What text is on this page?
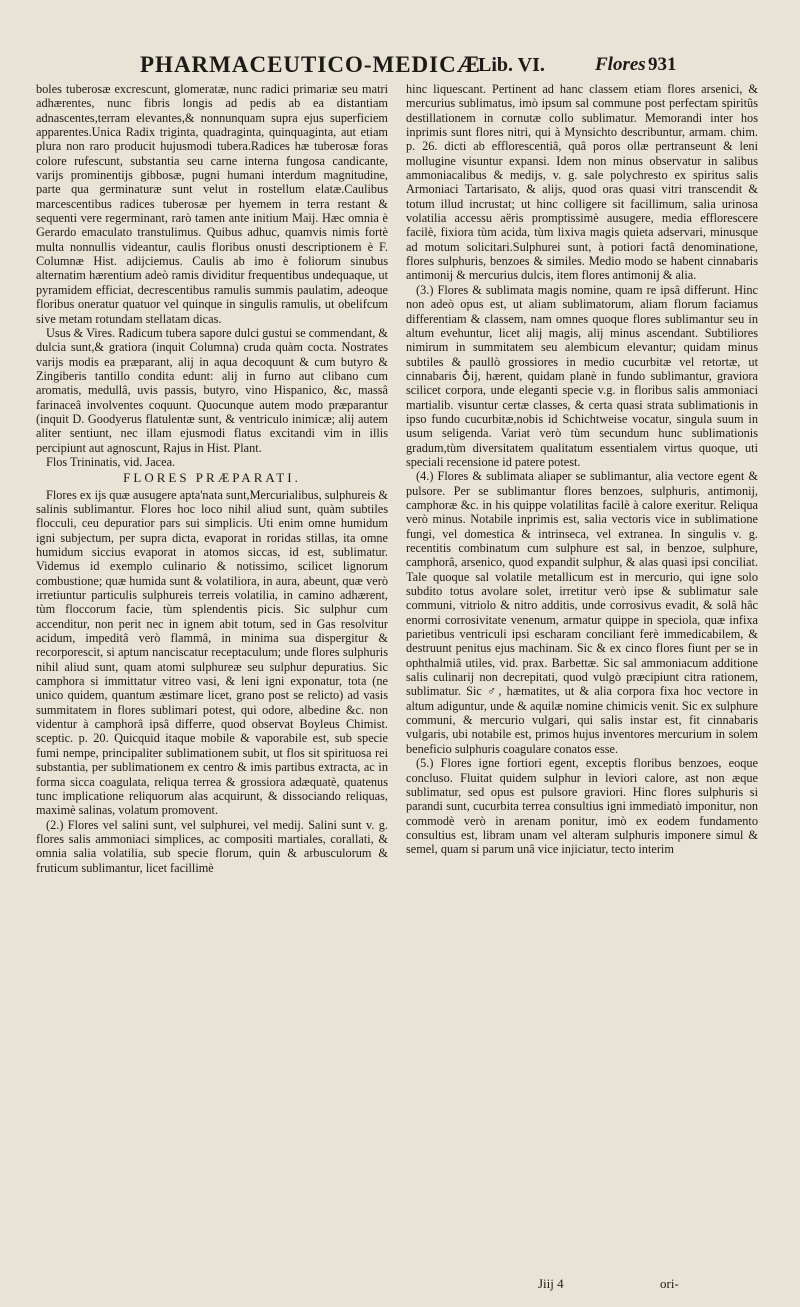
PHARMACEUTICO-MEDICÆ
Lib. VI.	Flores 931

boles tuberosæ excrescunt, glomeratæ, nunc radici primariæ seu matri adhærentes, nunc fibris longis ad pedis ab ea distantiam adnascentes,terram elevantes,& nonnunquam supra ejus superficiem apparentes.Unica Radix triginta, quadraginta, quinquaginta, aut etiam plura non raro producit hujusmodi tubera.Radices hæ tuberosæ foras colore rufescunt, substantia seu carne interna fungosa candicante, varijs prominentijs gibbosæ, pugni humani interdum magnitudine, parte qua germinaturæ sunt velut in rostellum elatæ.Caulibus marcescentibus radices tuberosæ per hyemem in terra restant & sequenti vere regerminant, rarò tamen ante initium Maij. Hæc omnia è Gerardo emaculato transtulimus. Quibus adhuc, quamvis nimis fortè multa nonnullis videantur, caulis floribus onusti descriptionem è F. Columnæ Hist. adijciemus. Caulis ab imo è foliorum sinubus alternatim hærentium adeò ramis dividitur frequentibus undequaque, ut pyramidem efficiat, decrescentibus ramulis summis paulatim, adeoque floribus oneratur quatuor vel quinque in singulis ramulis, ut obelifcum sive metam rotundam stellatam dicas.

Usus & Vires. Radicum tubera sapore dulci gustui se commendant, & dulcia sunt,& gratiora (inquit Columna) cruda quàm cocta. Nostrates varijs modis ea præparant, alij in aqua decoquunt & cum butyro & Zingiberis tantillo condita edunt: alij in furno aut clibano cum aromatis, medullâ, uvis passis, butyro, vino Hispanico, &c, massâ farinaceâ involventes coquunt. Quocunque autem modo præparantur (inquit D. Goodyerus flatulentæ sunt, & ventriculo inimicæ; alij autem aliter sentiunt, nec illam ejusmodi flatus excitandi vim in illis percipiunt aut agnoscunt, Rajus in Hist. Plant.

Flos Trininatis, vid. Jacea.

FLORES PRÆPARATI.

Flores ex ijs quæ ausugere apta'nata sunt,Mercurialibus, sulphureis & salinis sublimantur. Flores hoc loco nihil aliud sunt, quàm subtiles flocculi, ceu depuratior pars sui simplicis. Uti enim omne humidum igni subjectum, per supra dicta, evaporat in roridas stillas, ita omne humidum siccius evaporat in atomos siccas, id est, sublimatur. Videmus id exemplo culinario & notissimo, scilicet lignorum combustione; quæ humida sunt & volatiliora, in aura, abeunt, quæ verò irretiuntur particulis sulphureis terreis volatilia, in camino adhærent, tùm floccorum facie, tùm splendentis picis. Sic sulphur cum accenditur, non perit nec in ignem abit totum, sed in Gas resolvitur acidum, impeditâ verò flammâ, in minima sua dispergitur & recorporescit, si aptum nanciscatur receptaculum; unde flores sulphuris nihil aliud sunt, quam atomi sulphureæ seu sulphur depuratius. Sic camphora si immittatur vitreo vasi, & leni igni exponatur, tota (ne unico quidem, quantum æstimare licet, grano post se relicto) ad vasis summitatem in flores sublimari potest, qui odore, albedine &c. non videntur à camphorâ ipsâ differre, quod observat Boyleus Chimist. sceptic. p. 20. Quicquid itaque mobile & vaporabile est, sub specie fumi nempe, principaliter sublimationem subit, ut flos sit spirituosa rei substantia, per sublimationem ex centro & imis partibus extracta, ac in forma sicca coagulata, reliqua terrea & grossiora adæquatè, quatenus tunc implicatione reliquorum alas acquirunt, & dissociando reliquas, maximè salinas, volatum promovent.

(2.) Flores vel salini sunt, vel sulphurei, vel medij. Salini sunt v. g. flores salis ammoniaci simplices, ac compositi martiales, corallati, & omnia salia volatilia, sub specie florum, quin & arbusculorum & fruticum sublimantur, licet facillimè

hinc liquescant. Pertinent ad hanc classem etiam flores arsenici, & mercurius sublimatus, imò ipsum sal commune post perfectam spiritûs destillationem in cornutæ collo sublimatur. Memorandi inter hos inprimis sunt flores nitri, qui à Mynsichto describuntur, armam. chim. p. 26. dicti ab efflorescentiâ, quâ poros ollæ pertranseunt & leni mollugine visuntur expansi. Idem non minus observatur in salibus ammoniacalibus & medijs, v. g. sale polychresto ex spiritus salis Armoniaci Tartarisato, & alijs, quod oras quasi vitri transcendit & totum illud incrustat; ut hinc colligere sit facillimum, salia urinosa volatilia accessu aëris promptissimè ausugere, media efflorescere facilè, fixiora tùm acida, tùm lixiva magis quieta adservari, minusque ad motum solicitari.Sulphurei sunt, à potiori factâ denominatione, flores sulphuris, benzoes & similes. Medio modo se habent cinnabaris antimonij & mercurius dulcis, item flores antimonij & alia.

(3.) Flores & sublimata magis nomine, quam re ipsâ differunt. Hinc non adeò opus est, ut aliam sublimatorum, aliam florum faciamus differentiam & classem, nam omnes quoque flores sublimantur seu in altum evehuntur, licet alij magis, alij minus ascendant. Subtiliores nimirum in summitatem seu alembicum elevantur; quidam minus subtiles & paullò grossiores in medio cucurbitæ vel retortæ, ut cinnabaris ♁ij, hærent, quidam planè in fundo sublimantur, graviora scilicet corpora, unde eleganti specie v.g. in floribus salis ammoniaci martialib. visuntur certæ classes, & certa quasi strata sublimationis in ipso fundo cucurbitæ,nobis id Schichtweise vocatur, singula suum in usum seligenda. Variat verò tùm secundum hunc sublimationis gradum,tùm diversitatem qualitatum essentialem virtus quoque, uti speciali recensione id patere potest.

(4.) Flores & sublimata aliaper se sublimantur, alia vectore egent & pulsore. Per se sublimantur flores benzoes, sulphuris, antimonij, camphoræ &c. in his quippe volatilitas facilè à calore exeritur. Reliqua verò minus. Notabile inprimis est, salia vectoris vice in sublimatione fungi, vel domestica & intrinseca, vel extranea. In singulis v. g. recentitis combinatum cum sulphure est sal, in benzoe, sulphure, camphorâ, arsenico, quod expandit sulphur, & alas quasi ipsi conciliat. Tale quoque sal volatile metallicum est in mercurio, qui igne solo subdito totus avolare solet, irretitur verò ipse & sublimatur sale communi, vitriolo & nitro additis, unde corrosivus evadit, & solâ hâc enormi corrosivitate venenum, armatur quippe in speciola, quæ infixa parietibus ventriculi ipsi escharam conciliant ferè immedicabilem, & destruunt penitus ejus machinam. Sic & ex cinco flores fiunt per se in ophthalmiâ utiles, vid. prax. Barbettæ. Sic sal ammoniacum additione salis culinarij non decrepitati, quod vulgò præcipiunt citra rationem, sublimatur. Sic ♂, hæmatites, ut & alia corpora fixa hoc vectore in altum adiguntur, unde & aquilæ nomine chimicis venit. Sic ex sulphure communi, & mercurio vulgari, qui salis instar est, fit cinnabaris vulgaris, ubi notabile est, primos hujus inventores mercurium in solem beneficio sulphuris coagulare conatos esse.

(5.) Flores igne fortiori egent, exceptis floribus benzoes, eoque concluso. Fluitat quidem sulphur in leviori calore, ast non æque sublimatur, sed opus est pulsore graviori. Hinc flores sulphuris si parandi sunt, cucurbita terrea consultius igni immediatò imponitur, non commodè verò in arenam ponitur, imò ex eodem fundamento consultius est, libram unam vel alteram sulphuris imponere simul & semel, quam si parum unâ vice injiciatur, tecto interim

Jiij 4	ori-
